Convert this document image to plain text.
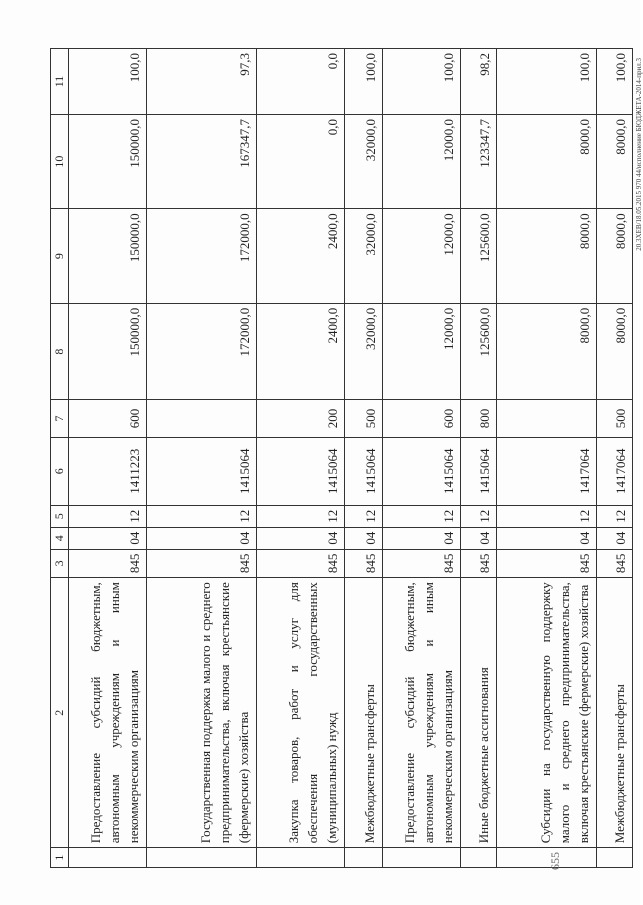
1	2	3	4	5	6	7	8	9	10	11
	Предоставление субсидий бюджетным, автономным учреждениям и иным некоммерческим организациям	845	04	12	1411223	600	150000,0	150000,0	150000,0	100,0
	Государственная поддержка малого и среднего предпринимательства, включая крестьянские (фермерские) хозяйства	845	04	12	1415064		172000,0	172000,0	167347,7	97,3
	Закупка товаров, работ и услуг для обеспечения государственных (муниципальных) нужд	845	04	12	1415064	200	2400,0	2400,0	0,0	0,0
	Межбюджетные трансферты	845	04	12	1415064	500	32000,0	32000,0	32000,0	100,0
	Предоставление субсидий бюджетным, автономным учреждениям и иным некоммерческим организациям	845	04	12	1415064	600	12000,0	12000,0	12000,0	100,0
	Иные бюджетные ассигнования	845	04	12	1415064	800	125600,0	125600,0	123347,7	98,2
	Субсидии на государственную поддержку малого и среднего предпринимательства, включая крестьянские (фермерские) хозяйства	845	04	12	1417064		8000,0	8000,0	8000,0	100,0
	Межбюджетные трансферты	845	04	12	1417064	500	8000,0	8000,0	8000,0	100,0 20.3XEB/18.05.2015 970 44/исполнение БЮДЖЕТА-2014-прил.3
655
